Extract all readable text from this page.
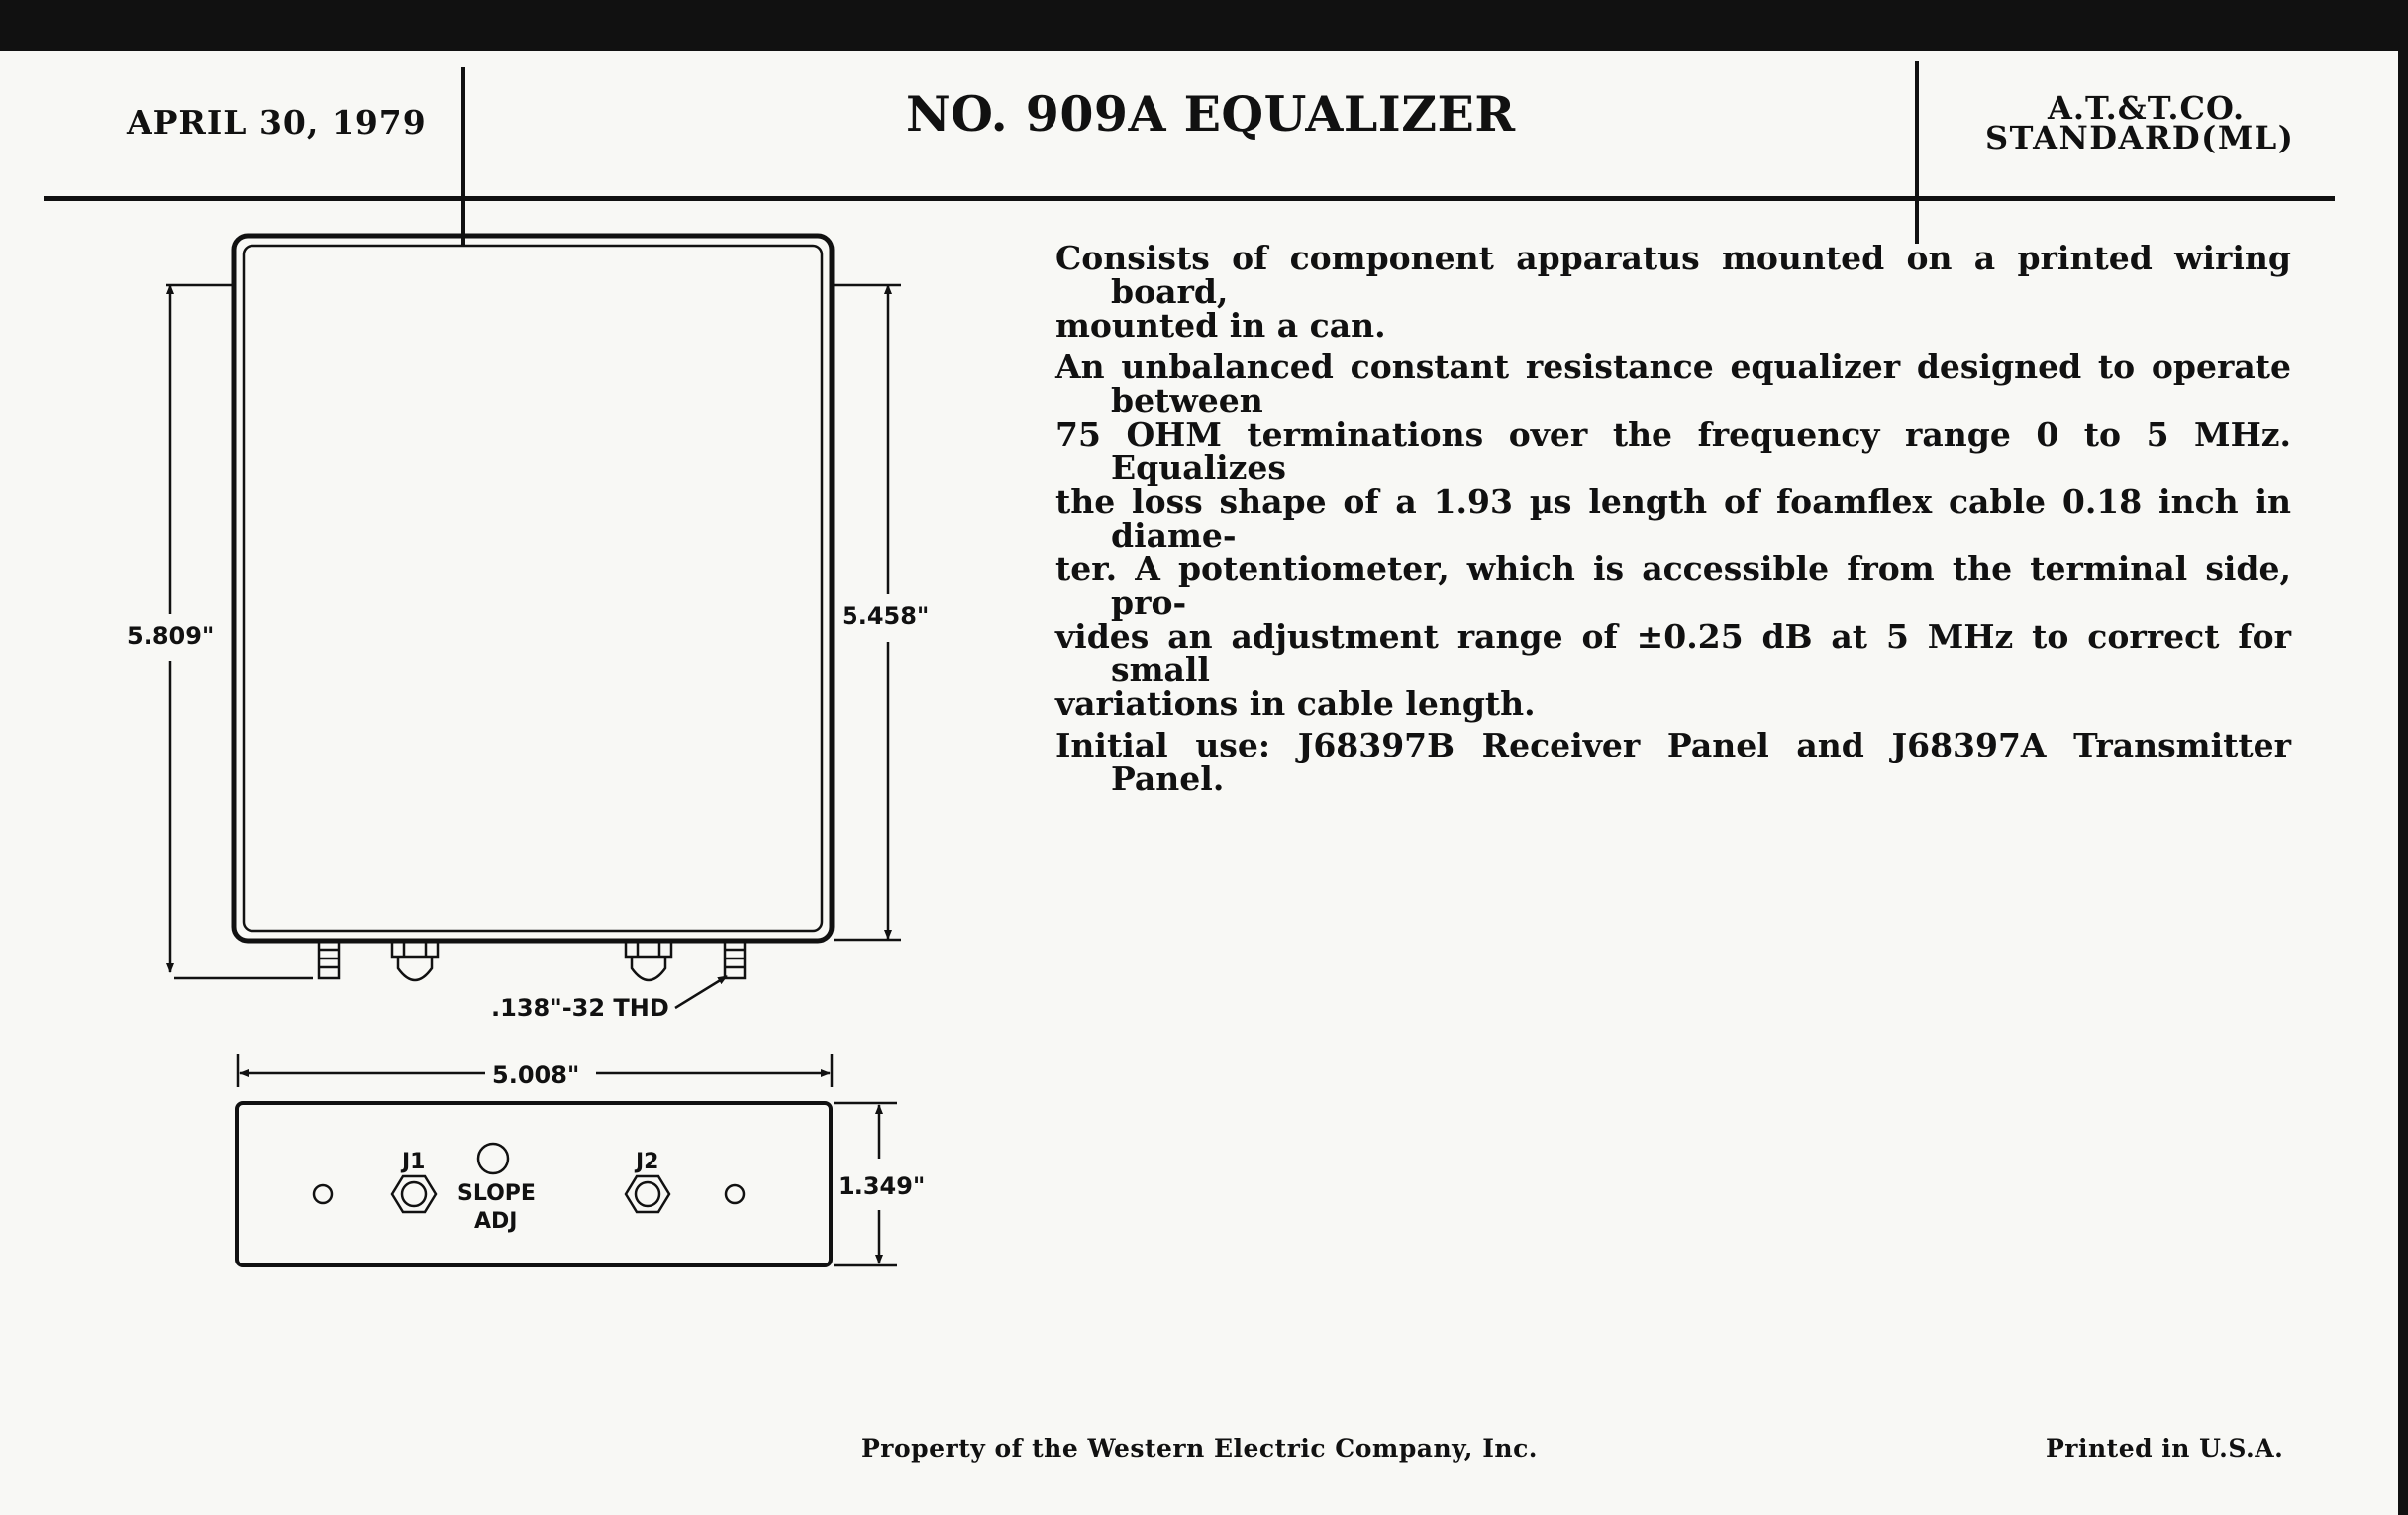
APRIL 30, 1979	NO. 909A EQUALIZER	A.T.&T.CO.
STANDARD(ML)
5.809"
5.458"
.138"-32 THD
5.008"
J1	J2
SLOPE
ADJ
1.349"

Consists of component apparatus mounted on a printed wiring board,
mounted in a can.

An unbalanced constant resistance equalizer designed to operate between
75 OHM terminations over the frequency range 0 to 5 MHz. Equalizes
the loss shape of a 1.93 µs length of foamflex cable 0.18 inch in diame-
ter. A potentiometer, which is accessible from the terminal side, pro-
vides an adjustment range of ±0.25 dB at 5 MHz to correct for small
variations in cable length.

Initial use: J68397B Receiver Panel and J68397A Transmitter Panel.

Property of the Western Electric Company, Inc.	Printed in U.S.A.
